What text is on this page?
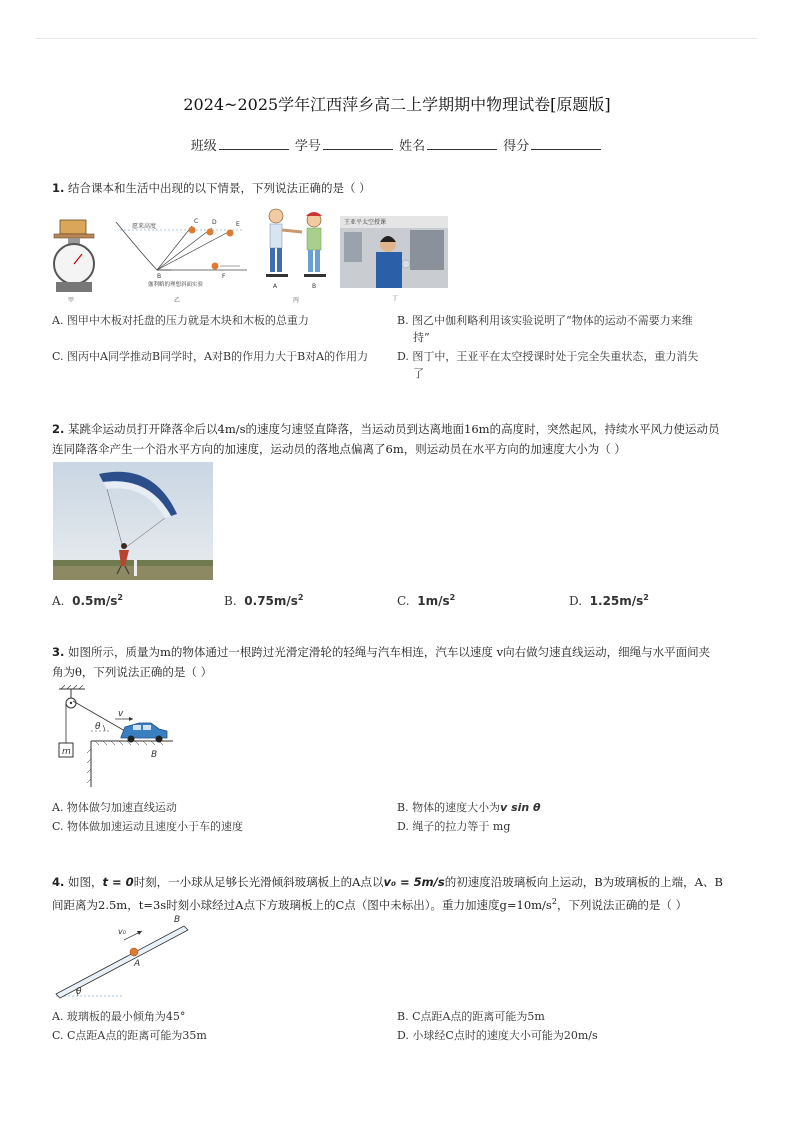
2024~2025学年江西萍乡高二上学期期中物理试卷[原题版]
班级	学号	姓名	得分
1. 结合课本和生活中出现的以下情景，下列说法正确的是（ ）
甲
愿来高度
C D	E
B	F
伽利略的理想斜面实验
乙
A	B
丙
王亚平太空授课
丁
A. 图甲中木板对托盘的压力就是木块和木板的总重力	B. 图乙中伽利略利用该实验说明了“物体的运动不需要力来维
持”
C. 图丙中A同学推动B同学时，A对B的作用力大于B对A的作用力	D. 图丁中，王亚平在太空授课时处于完全失重状态，重力消失
了
2. 某跳伞运动员打开降落伞后以4m/s的速度匀速竖直降落，当运动员到达离地面16m的高度时，突然起风，持续水平风力使运动员
连同降落伞产生一个沿水平方向的加速度，运动员的落地点偏离了6m，则运动员在水平方向的加速度大小为（ ）
A. $0.5m/s^2$	B. $0.75m/s^2$	C. $1m/s^2$	D. $1.25m/s^2$
3. 如图所示，质量为m的物体通过一根跨过光滑定滑轮的轻绳与汽车相连，汽车以速度 v向右做匀速直线运动，细绳与水平面间夹
角为θ，下列说法正确的是（ ）
m
θ
v
B
A. 物体做匀加速直线运动	B. 物体的速度大小为v sin θ
C. 物体做加速运动且速度小于车的速度	D. 绳子的拉力等于 mg
4. 如图，t = 0时刻，一小球从足够长光滑倾斜玻璃板上的A点以v₀ = 5m/s的初速度沿玻璃板向上运动，B为玻璃板的上端，A、B
间距离为2.5m，t=3s时刻小球经过A点下方玻璃板上的C点（图中未标出）。重力加速度$g=10m/s^2$，下列说法正确的是（ ）
θ
v₀
A
B
A. 玻璃板的最小倾角为45°	B. C点距A点的距离可能为5m
C. C点距A点的距离可能为35m	D. 小球经C点时的速度大小可能为20m/s
